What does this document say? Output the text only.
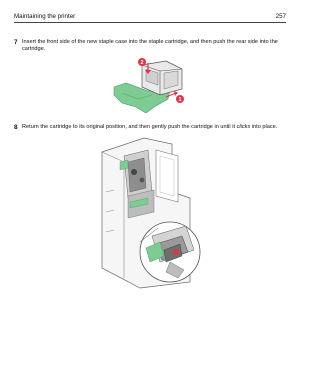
Maintaining the printer	257
7 Insert the front side of the new staple case into the staple cartridge, and then push the rear side into the cartridge.
2
1
8 Return the cartridge to its original position, and then gently push the cartridge in until it clicks into place.
